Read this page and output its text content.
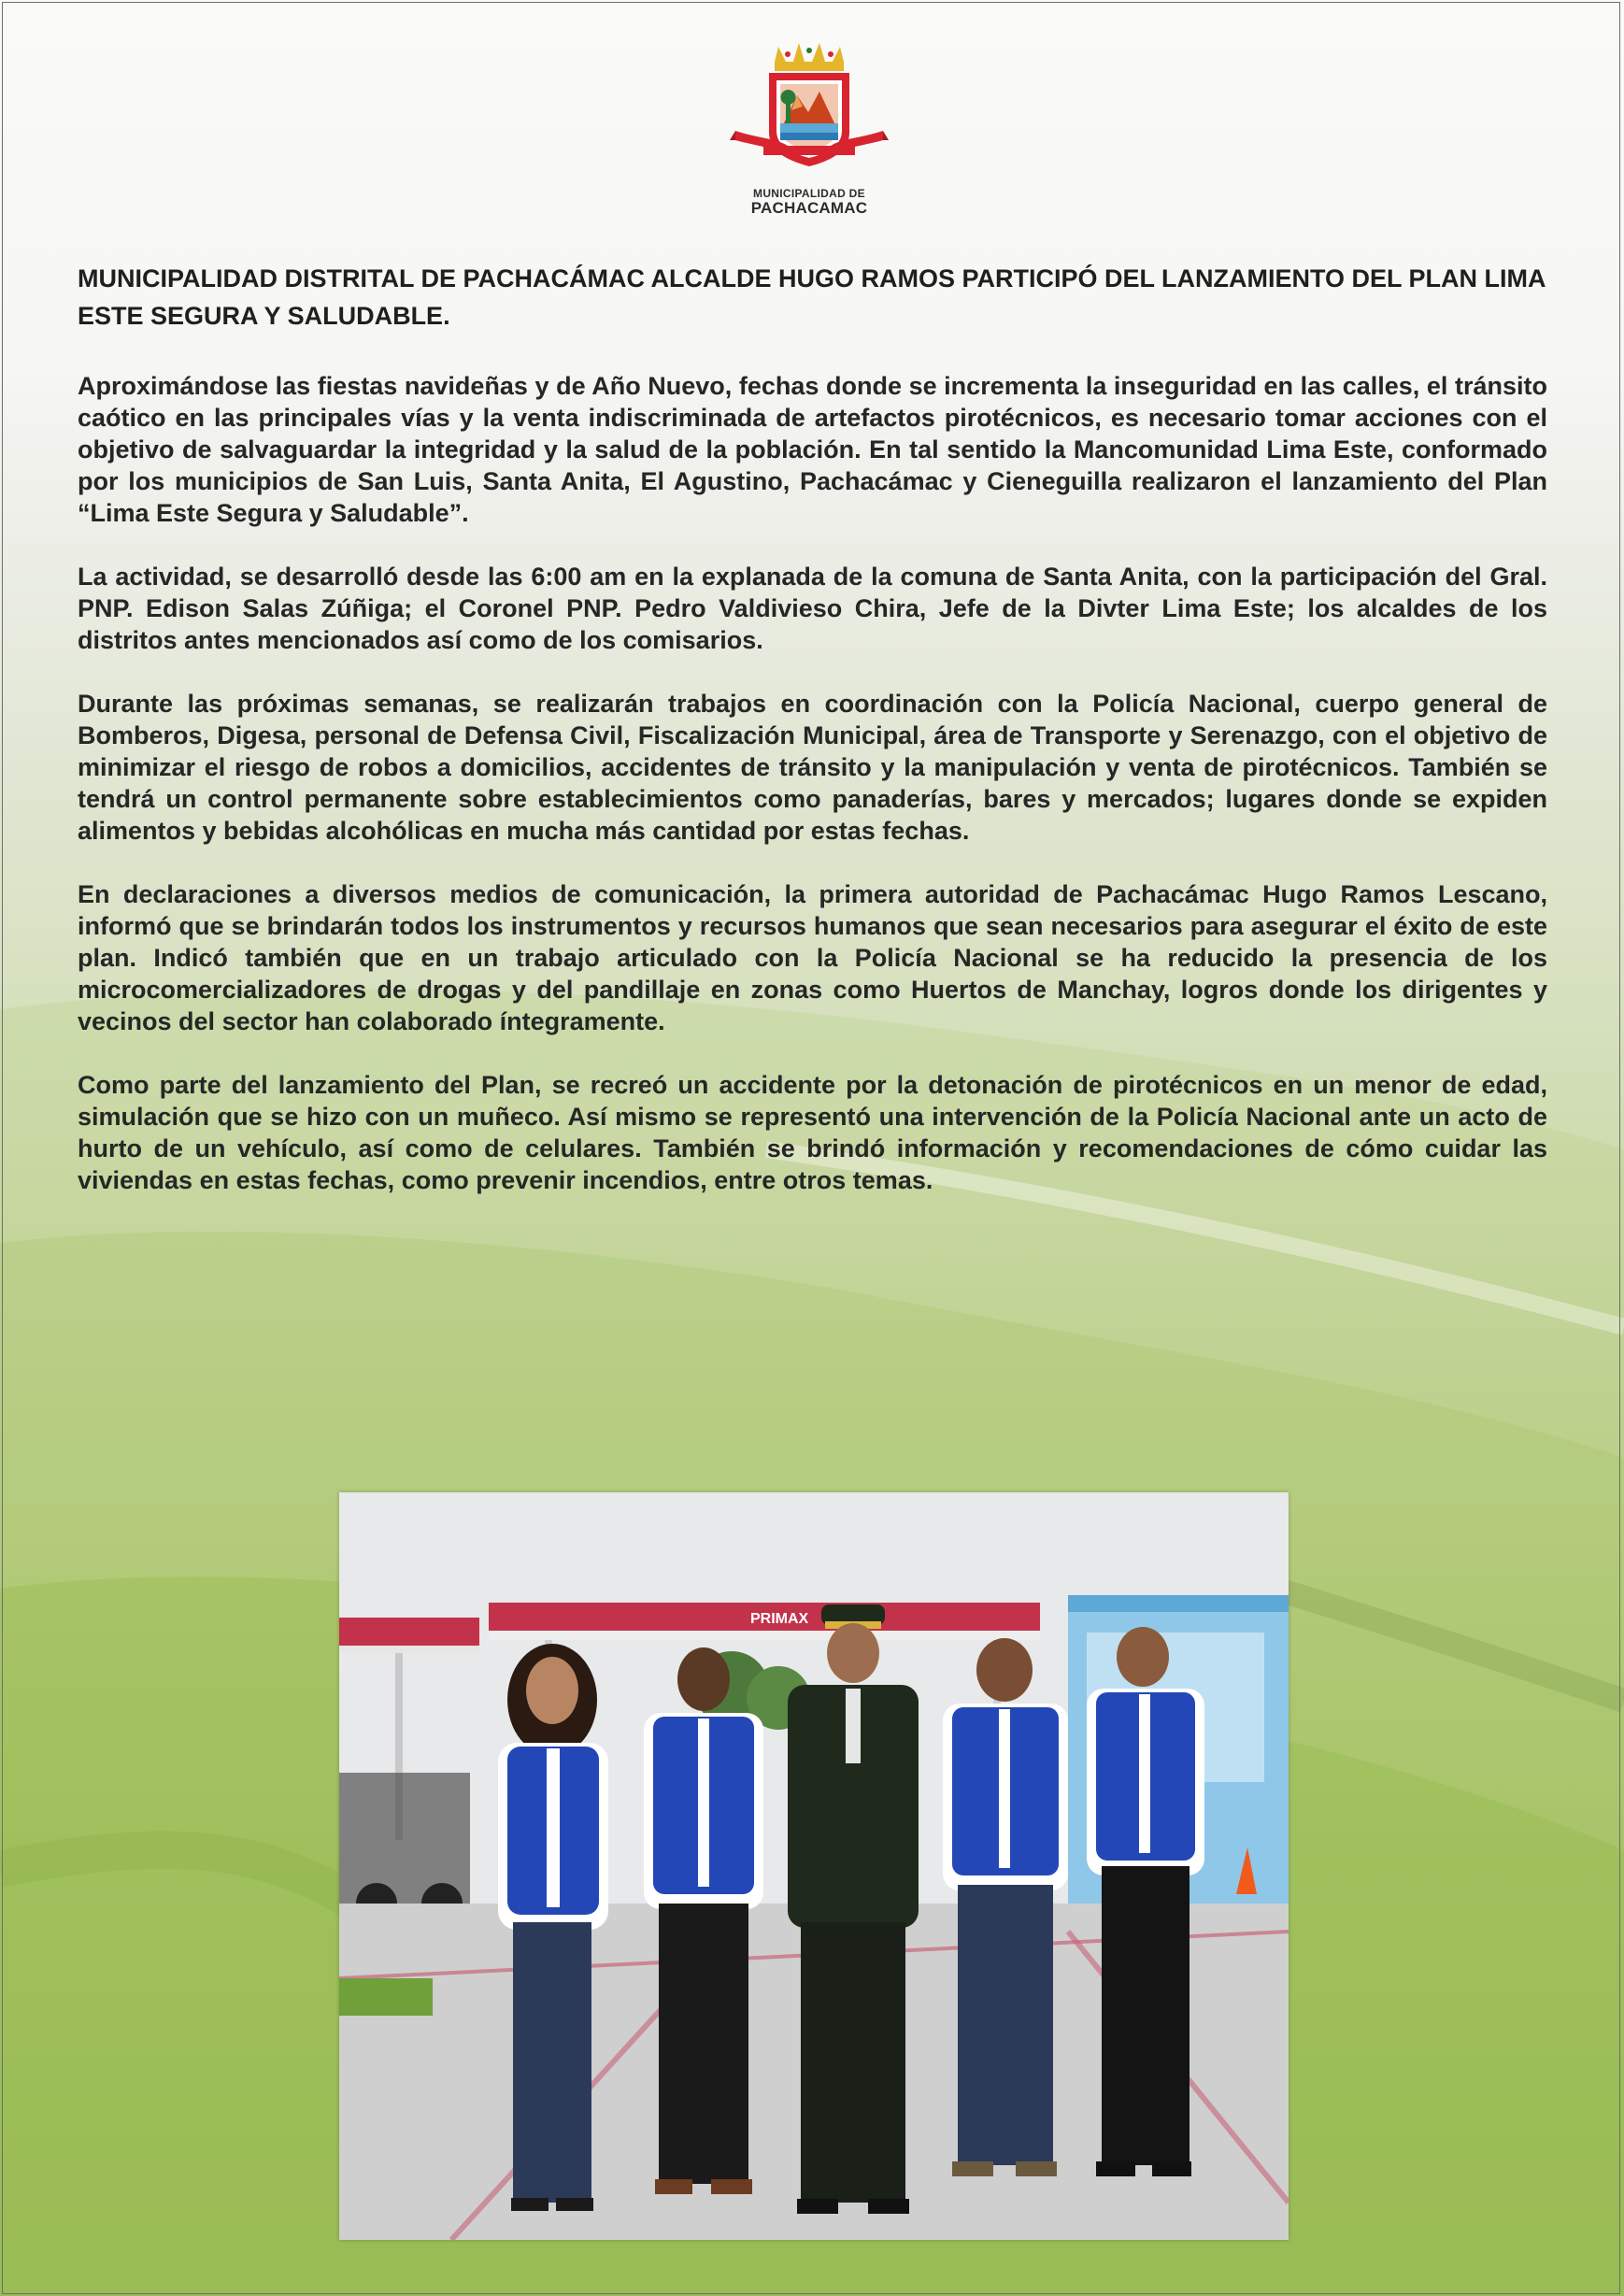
MUNICIPALIDAD DE
PACHACAMAC

MUNICIPALIDAD DISTRITAL DE PACHACÁMAC ALCALDE HUGO RAMOS PARTICIPÓ DEL LANZAMIENTO DEL PLAN LIMA ESTE SEGURA Y SALUDABLE.

Aproximándose las fiestas navideñas y de Año Nuevo, fechas donde se incrementa la inseguridad en las calles, el tránsito caótico en las principales vías y la venta indiscriminada de artefactos pirotécnicos, es necesario tomar acciones con el objetivo de salvaguardar la integridad y la salud de la población. En tal sentido la Mancomunidad Lima Este, conformado por los municipios de San Luis, Santa Anita, El Agustino, Pachacámac y Cieneguilla realizaron el lanzamiento del Plan “Lima Este Segura y Saludable”.

La actividad, se desarrolló desde las 6:00 am en la explanada de la comuna de Santa Anita, con la participación del Gral. PNP. Edison Salas Zúñiga; el Coronel PNP. Pedro Valdivieso Chira, Jefe de la Divter Lima Este; los alcaldes de los distritos antes mencionados así como de los comisarios.

Durante las próximas semanas, se realizarán trabajos en coordinación con la Policía Nacional, cuerpo general de Bomberos, Digesa, personal de Defensa Civil, Fiscalización Municipal, área de Transporte y Serenazgo, con el objetivo de minimizar el riesgo de robos a domicilios, accidentes de tránsito y la manipulación y venta de pirotécnicos. También se tendrá un control permanente sobre establecimientos como panaderías, bares y mercados; lugares donde se expiden alimentos y bebidas alcohólicas en mucha más cantidad por estas fechas.

En declaraciones a diversos medios de comunicación, la primera autoridad de Pachacámac Hugo Ramos Lescano, informó que se brindarán todos los instrumentos y recursos humanos que sean necesarios para asegurar el éxito de este plan. Indicó también que en un trabajo articulado con la Policía Nacional se ha reducido la presencia de los microcomercializadores de drogas y del pandillaje en zonas como Huertos de Manchay, logros donde los dirigentes y vecinos del sector han colaborado íntegramente.

Como parte del lanzamiento del Plan, se recreó un accidente por la detonación de pirotécnicos en un menor de edad, simulación que se hizo con un muñeco. Así mismo se representó una intervención de la Policía Nacional ante un acto de hurto de un vehículo, así como de celulares. También se brindó información y recomendaciones de cómo cuidar las viviendas en estas fechas, como prevenir incendios, entre otros temas.

PRIMAX
